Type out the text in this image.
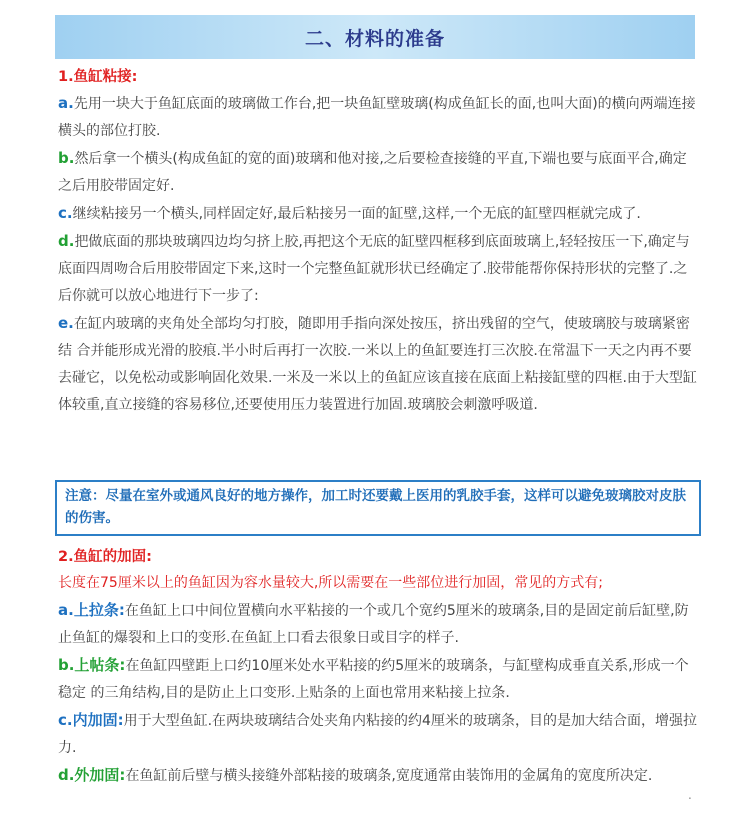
二、材料的准备
1.鱼缸粘接:

a.先用一块大于鱼缸底面的玻璃做工作台,把一块鱼缸壁玻璃(构成鱼缸长的面,也叫大面)的横向两端连接横头的部位打胶.

b.然后拿一个横头(构成鱼缸的宽的面)玻璃和他对接,之后要检查接缝的平直,下端也要与底面平合,确定之后用胶带固定好.

c.继续粘接另一个横头,同样固定好,最后粘接另一面的缸壁,这样,一个无底的缸壁四框就完成了.

d.把做底面的那块玻璃四边均匀挤上胶,再把这个无底的缸壁四框移到底面玻璃上,轻轻按压一下,确定与底面四周吻合后用胶带固定下来,这时一个完整鱼缸就形状已经确定了.胶带能帮你保持形状的完整了.之后你就可以放心地进行下一步了:

e.在缸内玻璃的夹角处全部均匀打胶，随即用手指向深处按压，挤出残留的空气，使玻璃胶与玻璃紧密结 合并能形成光滑的胶痕.半小时后再打一次胶.一米以上的鱼缸要连打三次胶.在常温下一天之内再不要去碰它，以免松动或影响固化效果.一米及一米以上的鱼缸应该直接在底面上粘接缸壁的四框.由于大型缸体较重,直立接缝的容易移位,还要使用压力装置进行加固.玻璃胶会刺激呼吸道.

注意：尽量在室外或通风良好的地方操作，加工时还要戴上医用的乳胶手套，这样可以避免玻璃胶对皮肤的伤害。

2.鱼缸的加固:

长度在75厘米以上的鱼缸因为容水量较大,所以需要在一些部位进行加固，常见的方式有;

a.上拉条:在鱼缸上口中间位置横向水平粘接的一个或几个宽约5厘米的玻璃条,目的是固定前后缸壁,防止鱼缸的爆裂和上口的变形.在鱼缸上口看去很象日或目字的样子.

b.上帖条:在鱼缸四壁距上口约10厘米处水平粘接的约5厘米的玻璃条，与缸壁构成垂直关系,形成一个稳定 的三角结构,目的是防止上口变形.上贴条的上面也常用来粘接上拉条.

c.内加固:用于大型鱼缸.在两块玻璃结合处夹角内粘接的约4厘米的玻璃条，目的是加大结合面，增强拉力.

d.外加固:在鱼缸前后壁与横头接缝外部粘接的玻璃条,宽度通常由装饰用的金属角的宽度所决定.

.
